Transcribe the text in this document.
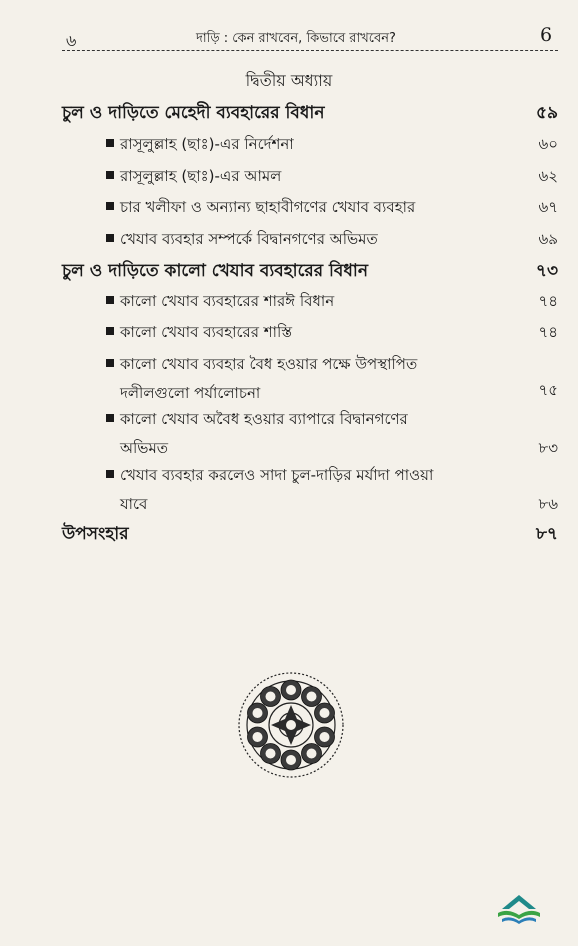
৬	দাড়ি : কেন রাখবেন, কিভাবে রাখবেন?	6
দ্বিতীয় অধ্যায়
চুল ও দাড়িতে মেহেদী ব্যবহারের বিধান	৫৯
রাসূলুল্লাহ (ছাঃ)-এর নির্দেশনা	৬০
রাসূলুল্লাহ (ছাঃ)-এর আমল	৬২
চার খলীফা ও অন্যান্য ছাহাবীগণের খেযাব ব্যবহার	৬৭
খেযাব ব্যবহার সম্পর্কে বিদ্বানগণের অভিমত	৬৯
চুল ও দাড়িতে কালো খেযাব ব্যবহারের বিধান	৭৩
কালো খেযাব ব্যবহারের শারঈ বিধান	৭৪
কালো খেযাব ব্যবহারের শাস্তি	৭৪
কালো খেযাব ব্যবহার বৈধ হওয়ার পক্ষে উপস্থাপিত
দলীলগুলো পর্যালোচনা	৭৫
কালো খেযাব অবৈধ হওয়ার ব্যাপারে বিদ্বানগণের
অভিমত	৮৩
খেযাব ব্যবহার করলেও সাদা চুল-দাড়ির মর্যাদা পাওয়া
যাবে	৮৬
উপসংহার	৮৭
